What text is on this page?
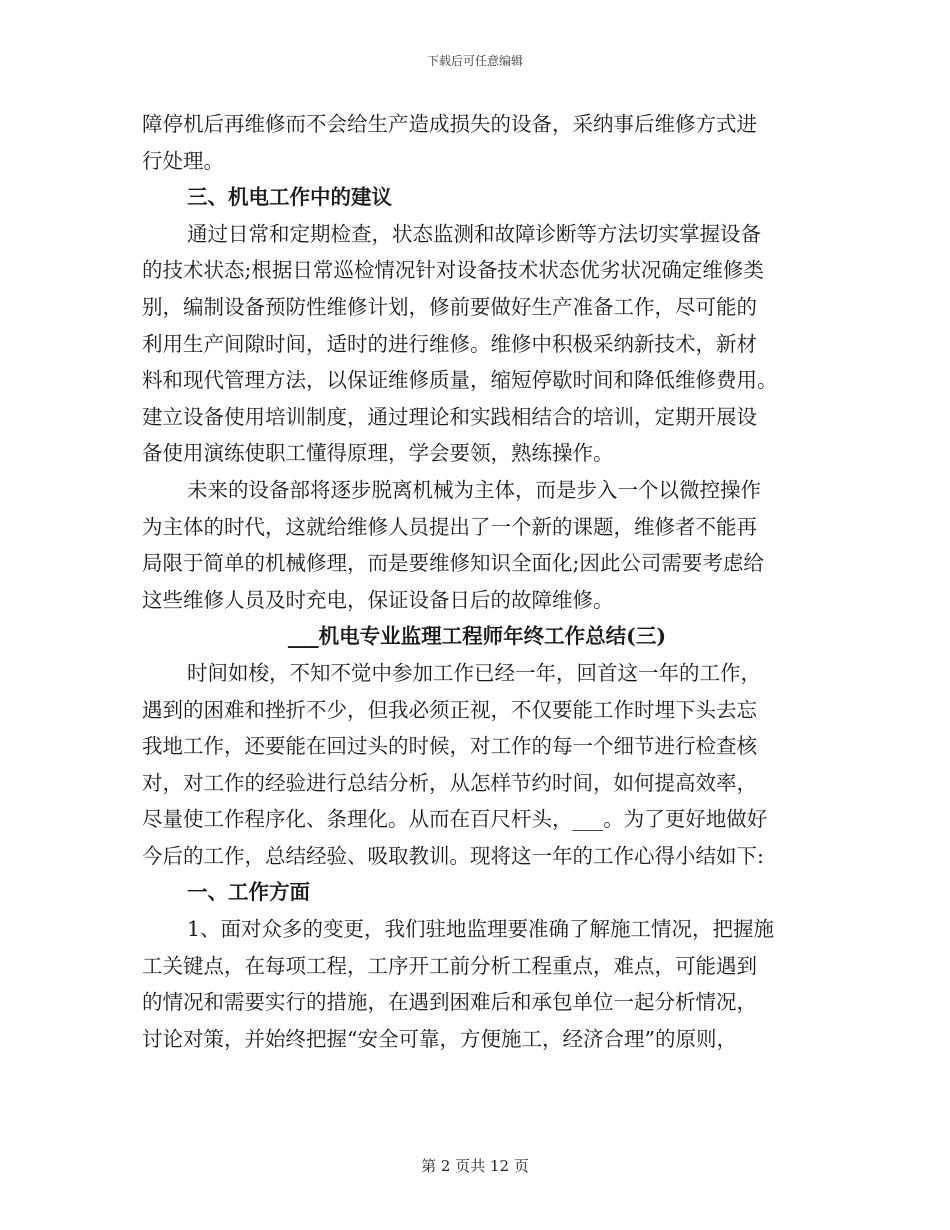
下载后可任意编辑
障停机后再维修而不会给生产造成损失的设备，采纳事后维修方式进
行处理。
三、机电工作中的建议
通过日常和定期检查，状态监测和故障诊断等方法切实掌握设备
的技术状态;根据日常巡检情况针对设备技术状态优劣状况确定维修类
别，编制设备预防性维修计划，修前要做好生产准备工作，尽可能的
利用生产间隙时间，适时的进行维修。维修中积极采纳新技术，新材
料和现代管理方法，以保证维修质量，缩短停歇时间和降低维修费用。
建立设备使用培训制度，通过理论和实践相结合的培训，定期开展设
备使用演练使职工懂得原理，学会要领，熟练操作。
未来的设备部将逐步脱离机械为主体，而是步入一个以微控操作
为主体的时代，这就给维修人员提出了一个新的课题，维修者不能再
局限于简单的机械修理，而是要维修知识全面化;因此公司需要考虑给
这些维修人员及时充电，保证设备日后的故障维修。
___机电专业监理工程师年终工作总结(三)
时间如梭，不知不觉中参加工作已经一年，回首这一年的工作，
遇到的困难和挫折不少，但我必须正视，不仅要能工作时埋下头去忘
我地工作，还要能在回过头的时候，对工作的每一个细节进行检查核
对，对工作的经验进行总结分析，从怎样节约时间，如何提高效率，
尽量使工作程序化、条理化。从而在百尺杆头，___。为了更好地做好
今后的工作，总结经验、吸取教训。现将这一年的工作心得小结如下:
一、工作方面
1、面对众多的变更，我们驻地监理要准确了解施工情况，把握施
工关键点，在每项工程，工序开工前分析工程重点，难点，可能遇到
的情况和需要实行的措施，在遇到困难后和承包单位一起分析情况，
讨论对策，并始终把握“安全可靠，方便施工，经济合理”的原则，
第 2 页共 12 页
